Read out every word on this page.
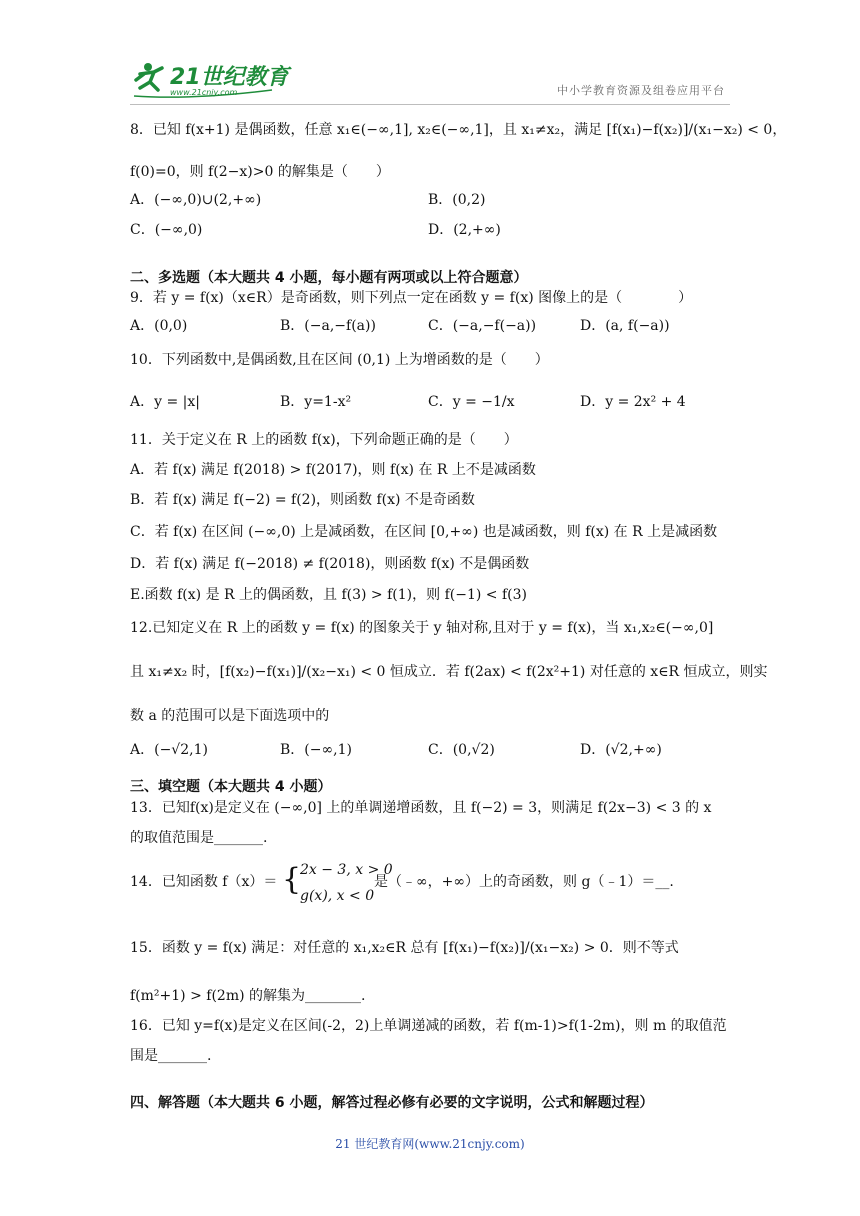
21世纪教育
www.21cnjy.com	中小学教育资源及组卷应用平台
8．已知 f(x+1) 是偶函数，任意 x₁∈(−∞,1], x₂∈(−∞,1]，且 x₁≠x₂，满足 [f(x₁)−f(x₂)]/(x₁−x₂) < 0，
f(0)=0，则 f(2−x)>0 的解集是（　　）
A．(−∞,0)∪(2,+∞)	B．(0,2)
C．(−∞,0)	D．(2,+∞)
二、多选题（本大题共 4 小题，每小题有两项或以上符合题意）
9．若 y = f(x)（x∈R）是奇函数，则下列点一定在函数 y = f(x) 图像上的是（　　　　）
A．(0,0)	B．(−a,−f(a))	C．(−a,−f(−a))	D．(a, f(−a))
10．下列函数中,是偶函数,且在区间 (0,1) 上为增函数的是（　　）
A．y = |x|	B．y=1-x²	C．y = −1/x	D．y = 2x² + 4
11．关于定义在 R 上的函数 f(x)，下列命题正确的是（　　）
A．若 f(x) 满足 f(2018) > f(2017)，则 f(x) 在 R 上不是减函数
B．若 f(x) 满足 f(−2) = f(2)，则函数 f(x) 不是奇函数
C．若 f(x) 在区间 (−∞,0) 上是减函数，在区间 [0,+∞) 也是减函数，则 f(x) 在 R 上是减函数
D．若 f(x) 满足 f(−2018) ≠ f(2018)，则函数 f(x) 不是偶函数
E.函数 f(x) 是 R 上的偶函数，且 f(3) > f(1)，则 f(−1) < f(3)
12.已知定义在 R 上的函数 y = f(x) 的图象关于 y 轴对称,且对于 y = f(x)，当 x₁,x₂∈(−∞,0]
且 x₁≠x₂ 时，[f(x₂)−f(x₁)]/(x₂−x₁) < 0 恒成立．若 f(2ax) < f(2x²+1) 对任意的 x∈R 恒成立，则实
数 a 的范围可以是下面选项中的
A．(−√2,1)	B．(−∞,1)	C．(0,√2)	D．(√2,+∞)
三、填空题（本大题共 4 小题）
13．已知f(x)是定义在 (−∞,0] 上的单调递增函数，且 f(−2) = 3，则满足 f(2x−3) < 3 的 x
的取值范围是_______.
14．已知函数 f（x）＝ {
2x − 3, x > 0
g(x), x < 0
是（﹣∞，+∞）上的奇函数，则 g（﹣1）＝__.
15．函数 y = f(x) 满足：对任意的 x₁,x₂∈R 总有 [f(x₁)−f(x₂)]/(x₁−x₂) > 0．则不等式
f(m²+1) > f(2m) 的解集为________.
16．已知 y=f(x)是定义在区间(-2，2)上单调递减的函数，若 f(m-1)>f(1-2m)，则 m 的取值范
围是_______.
四、解答题（本大题共 6 小题，解答过程必修有必要的文字说明，公式和解题过程）
21 世纪教育网(www.21cnjy.com)
